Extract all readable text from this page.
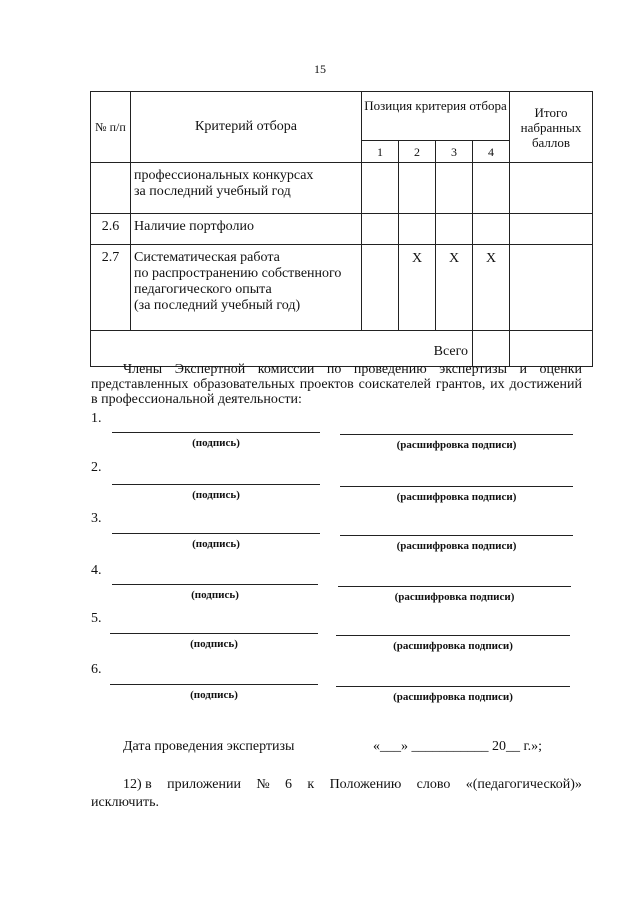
15
№ п/п	Критерий отбора	Позиция критерия отбора				Итого набранных баллов
		1	2	3	4	

	профессиональных конкурсах
за последний учебный год					

2.6	Наличие портфолио					

2.7	Систематическая работа
по распространению собственного
педагогического опыта
(за последний учебный год)		X	X	X	
Всего						
Члены Экспертной комиссии по проведению экспертизы и оценки представленных образовательных проектов соискателей грантов, их достижений в профессиональной деятельности:
1.
(подпись)	(расшифровка подписи)
2.
(подпись)	(расшифровка подписи)
3.
(подпись)	(расшифровка подписи)
4.
(подпись)	(расшифровка подписи)
5.
(подпись)	(расшифровка подписи)
6.
(подпись)	(расшифровка подписи)
Дата проведения экспертизы	«___» ___________ 20__ г.»;
12) в приложении № 6 к Положению слово «(педагогической)»
исключить.
